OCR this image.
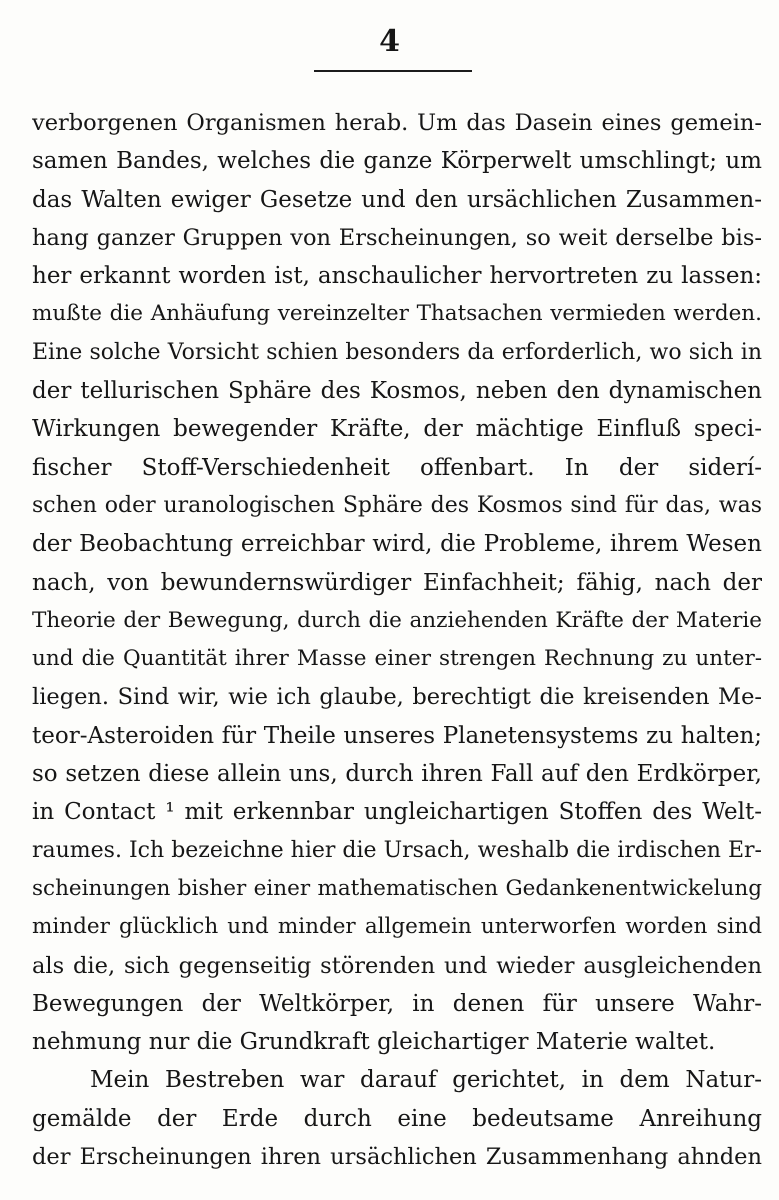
4
verborgenen Organismen herab. Um das Dasein eines gemein-
samen Bandes, welches die ganze Körperwelt umschlingt; um
das Walten ewiger Gesetze und den ursächlichen Zusammen-
hang ganzer Gruppen von Erscheinungen, so weit derselbe bis-
her erkannt worden ist, anschaulicher hervortreten zu lassen:
mußte die Anhäufung vereinzelter Thatsachen vermieden werden.
Eine solche Vorsicht schien besonders da erforderlich, wo sich in
der tellurischen Sphäre des Kosmos, neben den dynamischen
Wirkungen bewegender Kräfte, der mächtige Einfluß speci-
fischer Stoff-Verschiedenheit offenbart. In der siderí-
schen oder uranologischen Sphäre des Kosmos sind für das, was
der Beobachtung erreichbar wird, die Probleme, ihrem Wesen
nach, von bewundernswürdiger Einfachheit; fähig, nach der
Theorie der Bewegung, durch die anziehenden Kräfte der Materie
und die Quantität ihrer Masse einer strengen Rechnung zu unter-
liegen. Sind wir, wie ich glaube, berechtigt die kreisenden Me-
teor-Asteroiden für Theile unseres Planetensystems zu halten;
so setzen diese allein uns, durch ihren Fall auf den Erdkörper,
in Contact ¹ mit erkennbar ungleichartigen Stoffen des Welt-
raumes. Ich bezeichne hier die Ursach, weshalb die irdischen Er-
scheinungen bisher einer mathematischen Gedankenentwickelung
minder glücklich und minder allgemein unterworfen worden sind
als die, sich gegenseitig störenden und wieder ausgleichenden
Bewegungen der Weltkörper, in denen für unsere Wahr-
nehmung nur die Grundkraft gleichartiger Materie waltet.
Mein Bestreben war darauf gerichtet, in dem Natur-
gemälde der Erde durch eine bedeutsame Anreihung
der Erscheinungen ihren ursächlichen Zusammenhang ahnden
